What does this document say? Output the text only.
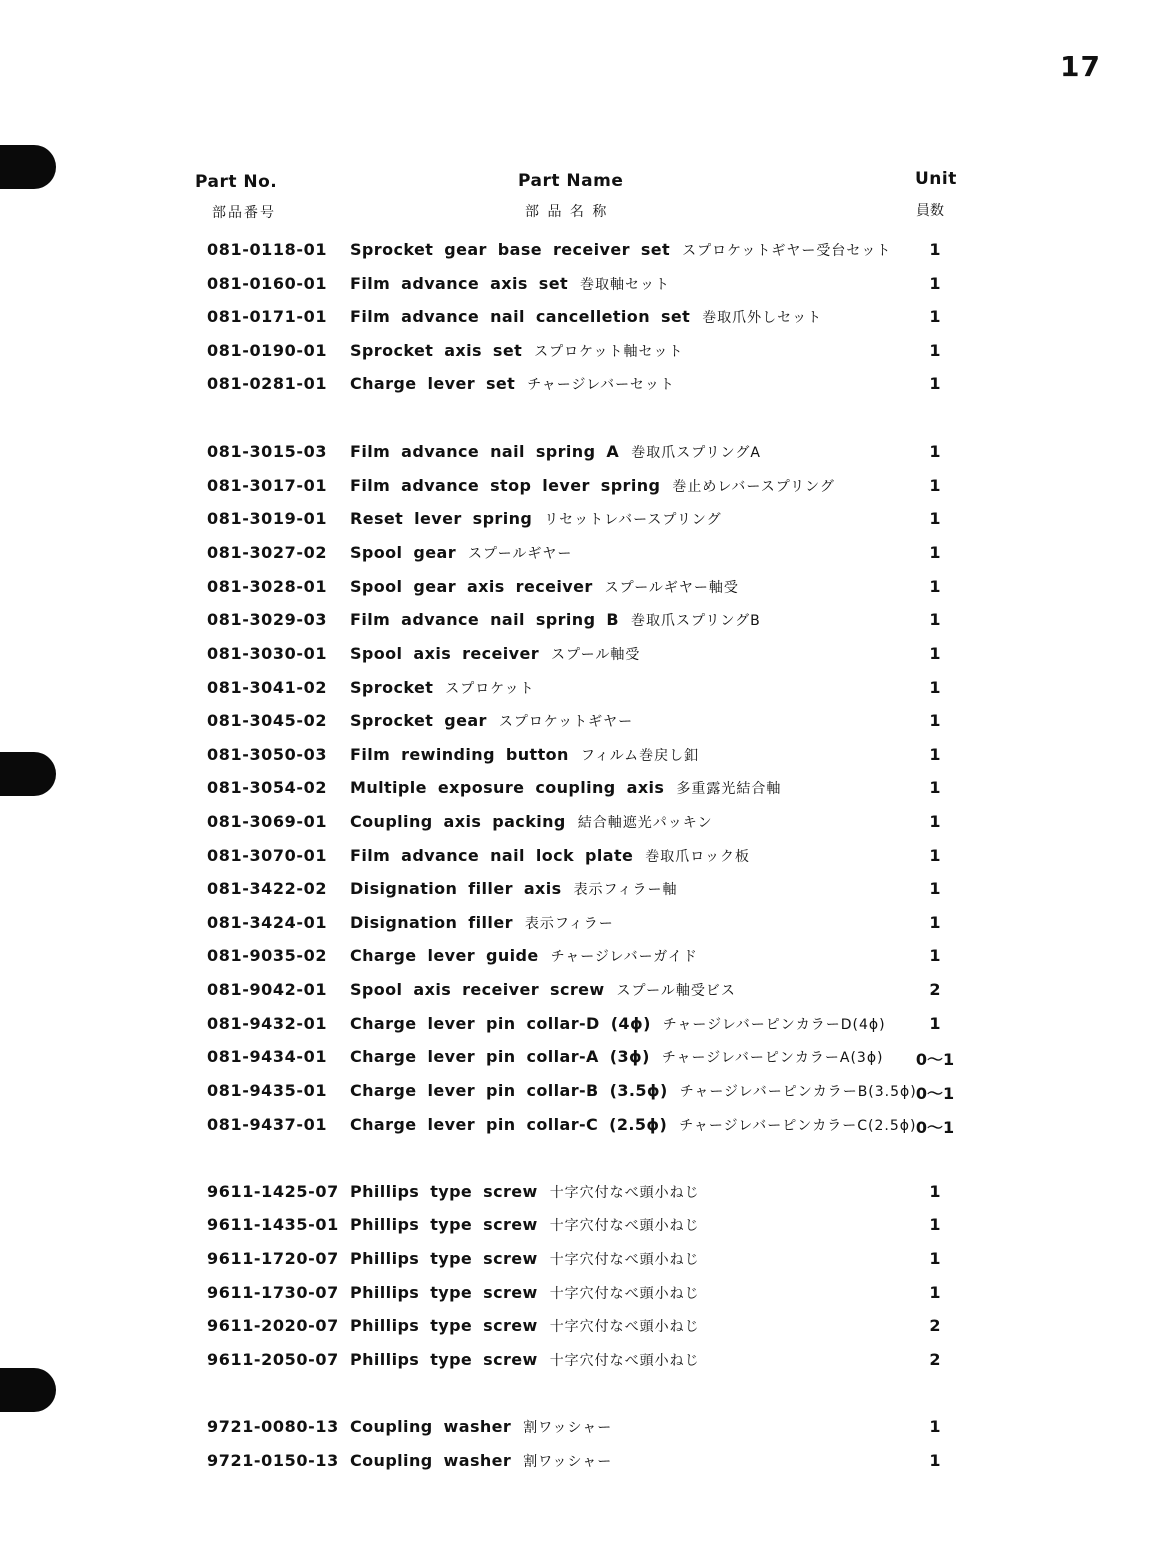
17
Part No.
部品番号
Part Name
部 品 名 称
Unit
員数
081-0118-01 Sprocket gear base receiver set スプロケットギヤー受台セット	1
081-0160-01 Film advance axis set 巻取軸セット	1
081-0171-01 Film advance nail cancelletion set 巻取爪外しセット	1
081-0190-01 Sprocket axis set スプロケット軸セット	1
081-0281-01 Charge lever set チャージレバーセット	1
081-3015-03 Film advance nail spring A 巻取爪スプリングA	1
081-3017-01 Film advance stop lever spring 巻止めレバースプリング	1
081-3019-01 Reset lever spring リセットレバースプリング	1
081-3027-02 Spool gear スプールギヤー	1
081-3028-01 Spool gear axis receiver スプールギヤー軸受	1
081-3029-03 Film advance nail spring B 巻取爪スプリングB	1
081-3030-01 Spool axis receiver スプール軸受	1
081-3041-02 Sprocket スプロケット	1
081-3045-02 Sprocket gear スプロケットギヤー	1
081-3050-03 Film rewinding button フィルム巻戻し釦	1
081-3054-02 Multiple exposure coupling axis 多重露光結合軸	1
081-3069-01 Coupling axis packing 結合軸遮光パッキン	1
081-3070-01 Film advance nail lock plate 巻取爪ロック板	1
081-3422-02 Disignation filler axis 表示フィラー軸	1
081-3424-01 Disignation filler 表示フィラー	1
081-9035-02 Charge lever guide チャージレバーガイド	1
081-9042-01 Spool axis receiver screw スプール軸受ビス	2
081-9432-01 Charge lever pin collar-D (4ϕ) チャージレバーピンカラーD(4ϕ)	1
081-9434-01 Charge lever pin collar-A (3ϕ) チャージレバーピンカラーA(3ϕ)	0〜1
081-9435-01 Charge lever pin collar-B (3.5ϕ) チャージレバーピンカラーB(3.5ϕ) 0〜1
081-9437-01 Charge lever pin collar-C (2.5ϕ) チャージレバーピンカラーC(2.5ϕ) 0〜1
9611-1425-07 Phillips type screw 十字穴付なべ頭小ねじ	1
9611-1435-01 Phillips type screw 十字穴付なべ頭小ねじ	1
9611-1720-07 Phillips type screw 十字穴付なべ頭小ねじ	1
9611-1730-07 Phillips type screw 十字穴付なべ頭小ねじ	1
9611-2020-07 Phillips type screw 十字穴付なべ頭小ねじ	2
9611-2050-07 Phillips type screw 十字穴付なべ頭小ねじ	2
9721-0080-13 Coupling washer 割ワッシャー	1
9721-0150-13 Coupling washer 割ワッシャー	1
